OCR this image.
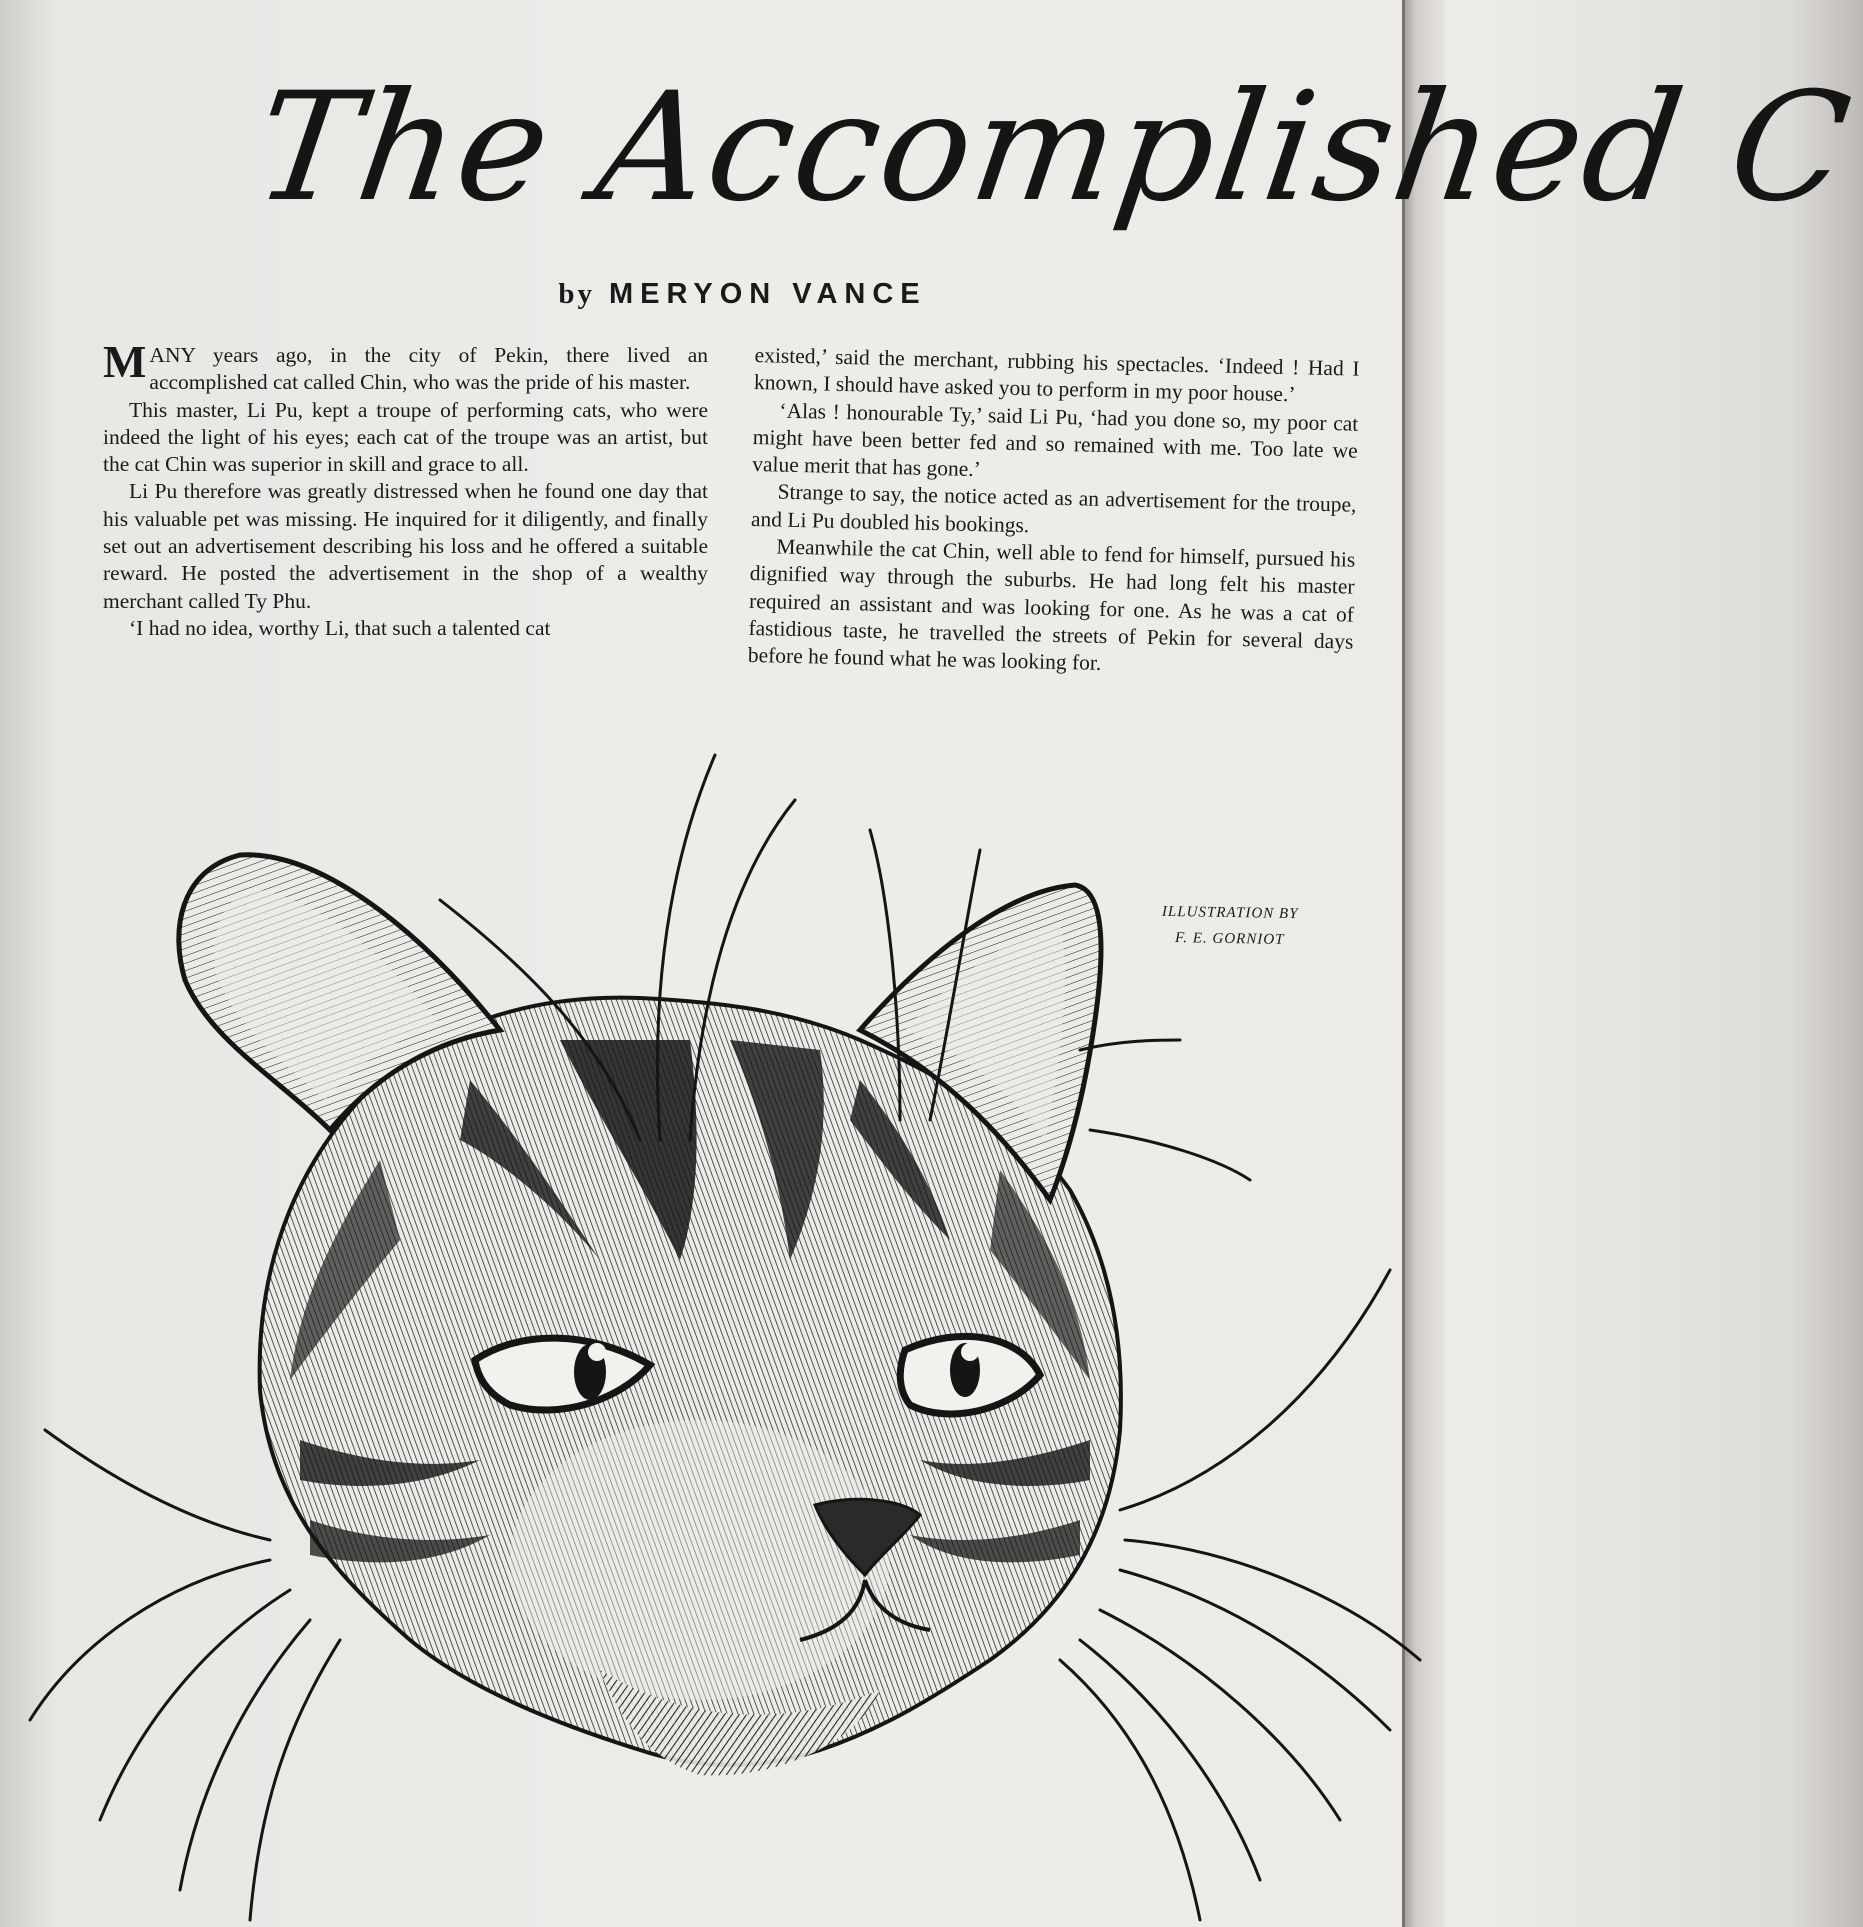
The Accomplished C
by MERYON VANCE

MANY years ago, in the city of Pekin, there lived an accomplished cat called Chin, who was the pride of his master.

This master, Li Pu, kept a troupe of performing cats, who were indeed the light of his eyes; each cat of the troupe was an artist, but the cat Chin was superior in skill and grace to all.

Li Pu therefore was greatly distressed when he found one day that his valuable pet was missing. He inquired for it diligently, and finally set out an advertisement describing his loss and he offered a suitable reward. He posted the advertisement in the shop of a wealthy merchant called Ty Phu.

‘I had no idea, worthy Li, that such a talented cat

existed,’ said the merchant, rubbing his spectacles. ‘Indeed ! Had I known, I should have asked you to perform in my poor house.’

‘Alas ! honourable Ty,’ said Li Pu, ‘had you done so, my poor cat might have been better fed and so remained with me. Too late we value merit that has gone.’

Strange to say, the notice acted as an advertisement for the troupe, and Li Pu doubled his bookings.

Meanwhile the cat Chin, well able to fend for himself, pursued his dignified way through the suburbs. He had long felt his master required an assistant and was looking for one. As he was a cat of fastidious taste, he travelled the streets of Pekin for several days before he found what he was looking for.

ILLUSTRATION BY
F. E. GORNIOT
